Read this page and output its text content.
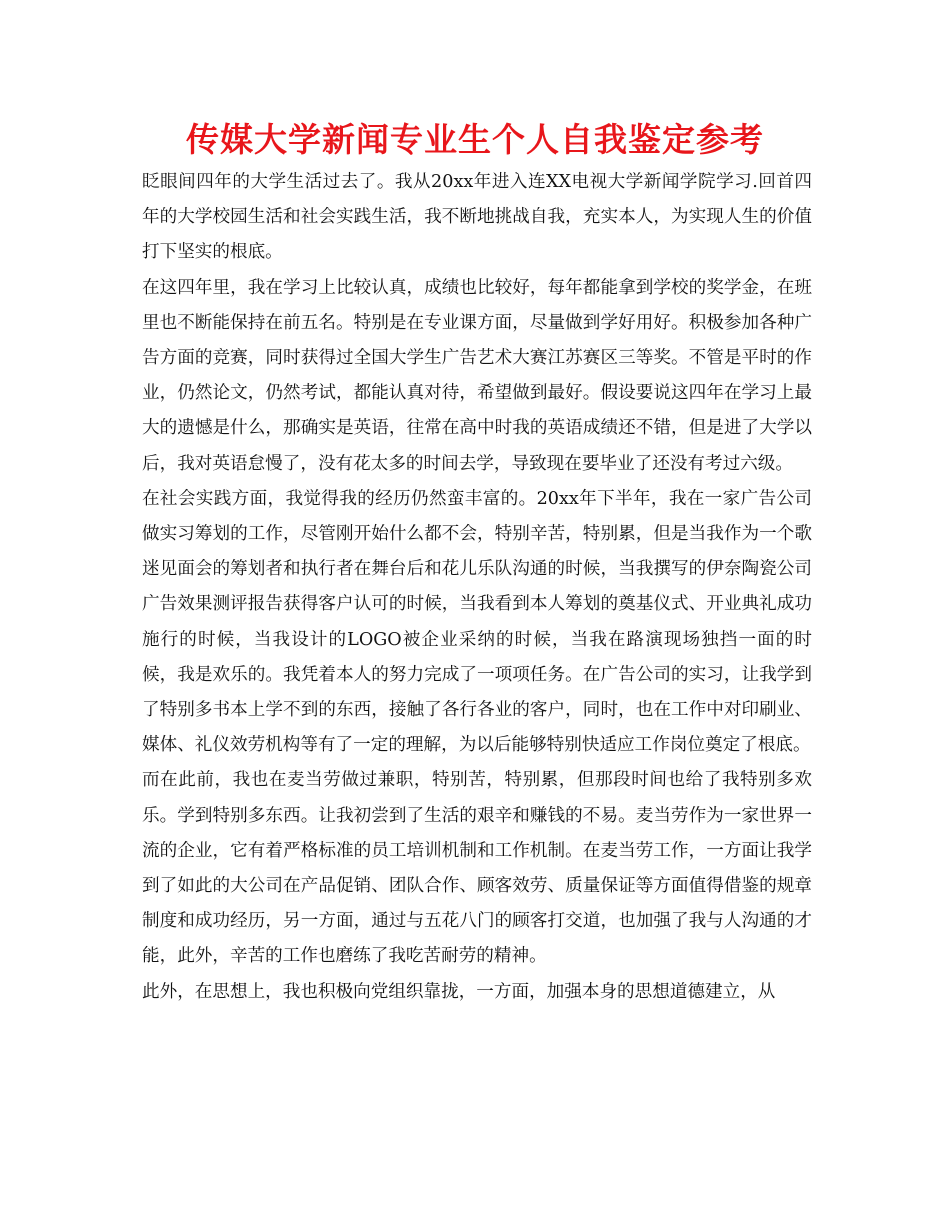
传媒大学新闻专业生个人自我鉴定参考

眨眼间四年的大学生活过去了。我从20xx年进入连XX电视大学新闻学院学习.回首四年的大学校园生活和社会实践生活，我不断地挑战自我，充实本人，为实现人生的价值打下坚实的根底。

在这四年里，我在学习上比较认真，成绩也比较好，每年都能拿到学校的奖学金，在班里也不断能保持在前五名。特别是在专业课方面，尽量做到学好用好。积极参加各种广告方面的竞赛，同时获得过全国大学生广告艺术大赛江苏赛区三等奖。不管是平时的作业，仍然论文，仍然考试，都能认真对待，希望做到最好。假设要说这四年在学习上最大的遗憾是什么，那确实是英语，往常在高中时我的英语成绩还不错，但是进了大学以后，我对英语怠慢了，没有花太多的时间去学，导致现在要毕业了还没有考过六级。

在社会实践方面，我觉得我的经历仍然蛮丰富的。20xx年下半年，我在一家广告公司做实习筹划的工作，尽管刚开始什么都不会，特别辛苦，特别累，但是当我作为一个歌迷见面会的筹划者和执行者在舞台后和花儿乐队沟通的时候，当我撰写的伊奈陶瓷公司广告效果测评报告获得客户认可的时候，当我看到本人筹划的奠基仪式、开业典礼成功施行的时候，当我设计的LOGO被企业采纳的时候，当我在路演现场独挡一面的时候，我是欢乐的。我凭着本人的努力完成了一项项任务。在广告公司的实习，让我学到了特别多书本上学不到的东西，接触了各行各业的客户，同时，也在工作中对印刷业、媒体、礼仪效劳机构等有了一定的理解，为以后能够特别快适应工作岗位奠定了根底。

而在此前，我也在麦当劳做过兼职，特别苦，特别累，但那段时间也给了我特别多欢乐。学到特别多东西。让我初尝到了生活的艰辛和赚钱的不易。麦当劳作为一家世界一流的企业，它有着严格标准的员工培训机制和工作机制。在麦当劳工作，一方面让我学到了如此的大公司在产品促销、团队合作、顾客效劳、质量保证等方面值得借鉴的规章制度和成功经历，另一方面，通过与五花八门的顾客打交道，也加强了我与人沟通的才能，此外，辛苦的工作也磨练了我吃苦耐劳的精神。

此外，在思想上，我也积极向党组织靠拢，一方面，加强本身的思想道德建立，从
